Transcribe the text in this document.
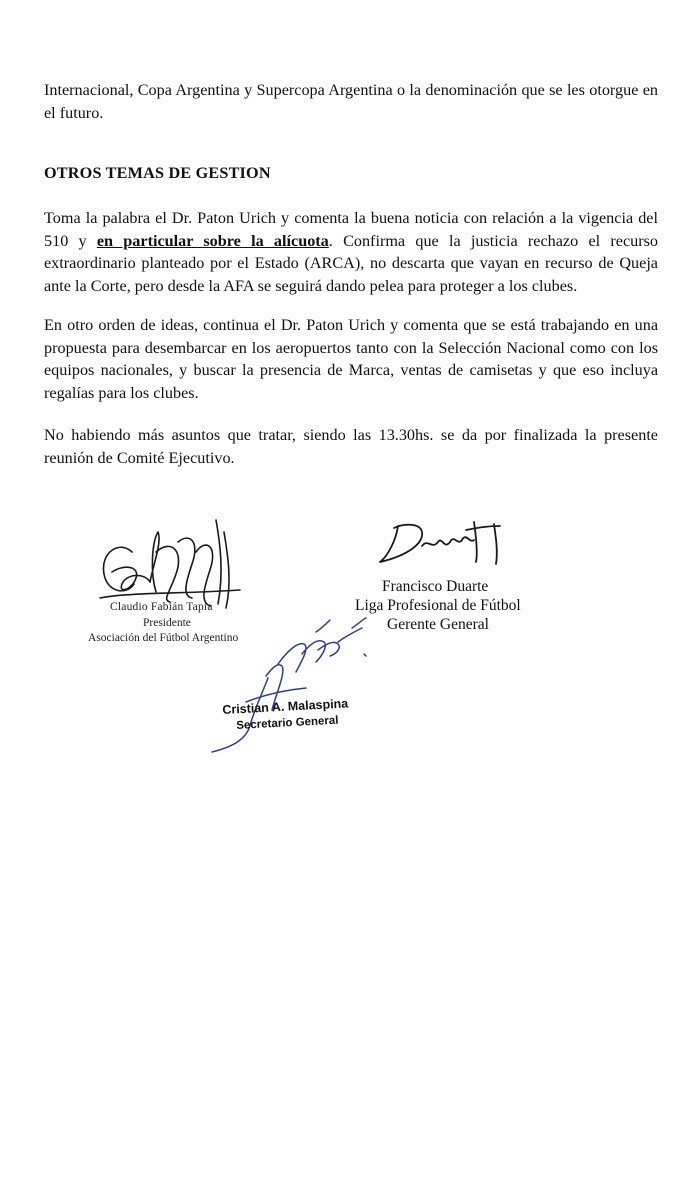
Internacional, Copa Argentina y Supercopa Argentina o la denominación que se les otorgue en el futuro.

OTROS TEMAS DE GESTION

Toma la palabra el Dr. Paton Urich y comenta la buena noticia con relación a la vigencia del 510 y en particular sobre la alícuota. Confirma que la justicia rechazo el recurso extraordinario planteado por el Estado (ARCA), no descarta que vayan en recurso de Queja ante la Corte, pero desde la AFA se seguirá dando pelea para proteger a los clubes.

En otro orden de ideas, continua el Dr. Paton Urich y comenta que se está trabajando en una propuesta para desembarcar en los aeropuertos tanto con la Selección Nacional como con los equipos nacionales, y buscar la presencia de Marca, ventas de camisetas y que eso incluya regalías para los clubes.

No habiendo más asuntos que tratar, siendo las 13.30hs. se da por finalizada la presente reunión de Comité Ejecutivo.

Claudio Fabián Tapia

Presidente

Asociación del Fútbol Argentino

Francisco Duarte

Liga Profesional de Fútbol

Gerente General

Cristian A. Malaspina

Secretario General
